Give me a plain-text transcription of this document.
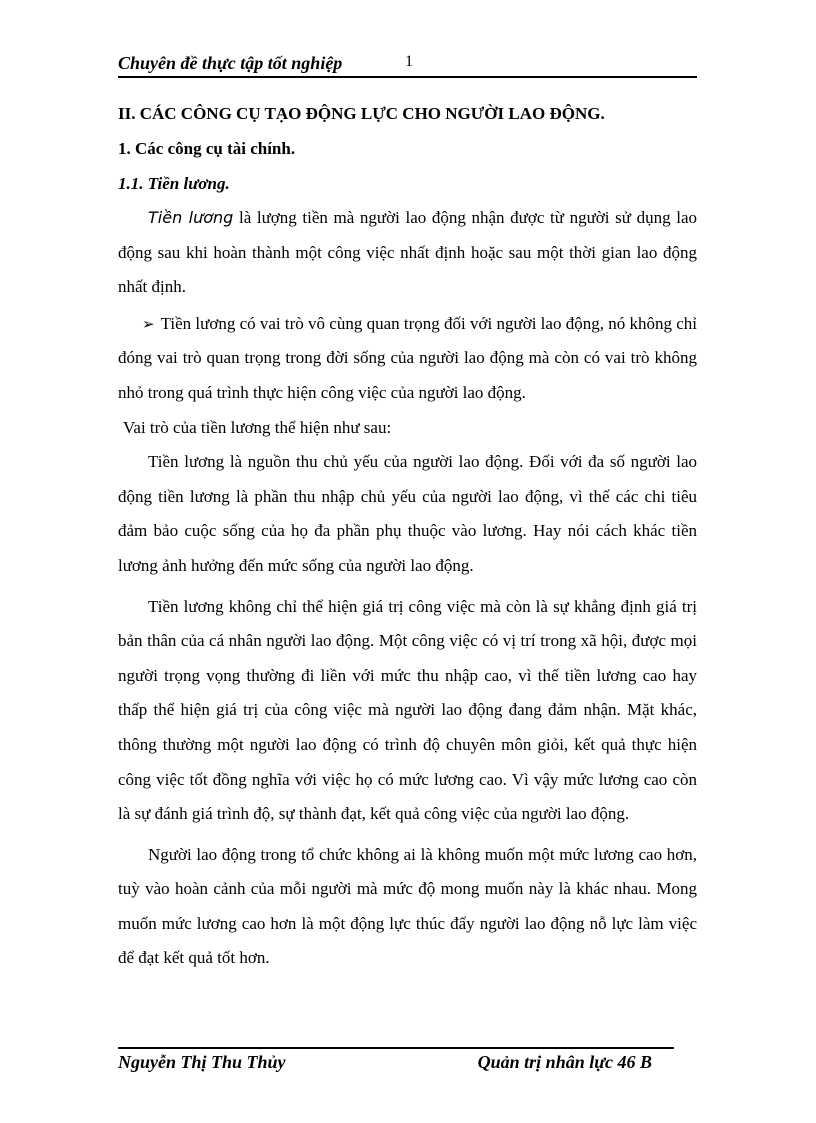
Chuyên đề thực tập tốt nghiệp	1
II. CÁC CÔNG CỤ TẠO ĐỘNG LỰC CHO NGƯỜI LAO ĐỘNG.
1. Các công cụ tài chính.
1.1. Tiền lương.

Tiền lương là lượng tiền mà người lao động nhận được từ người sử dụng lao động sau khi hoàn thành một công việc nhất định hoặc sau một thời gian lao động nhất định.

➢ Tiền lương có vai trò vô cùng quan trọng đối với người lao động, nó không chỉ đóng vai trò quan trọng trong đời sống của người lao động mà còn có vai trò không nhỏ trong quá trình thực hiện công việc của người lao động.

Vai trò của tiền lương thể hiện như sau:

Tiền lương là nguồn thu chủ yếu của người lao động. Đối với đa số người lao động tiền lương là phần thu nhập chủ yếu của người lao động, vì thế các chi tiêu đảm bảo cuộc sống của họ đa phần phụ thuộc vào lương. Hay nói cách khác tiền lương ảnh hưởng đến mức sống của người lao động.

Tiền lương không chỉ thể hiện giá trị công việc mà còn là sự khẳng định giá trị bản thân của cá nhân người lao động. Một công việc có vị trí trong xã hội, được mọi người trọng vọng thường đi liền với mức thu nhập cao, vì thế tiền lương cao hay thấp thể hiện giá trị của công việc mà người lao động đang đảm nhận. Mặt khác, thông thường một người lao động có trình độ chuyên môn giỏi, kết quả thực hiện công việc tốt đồng nghĩa với việc họ có mức lương cao. Vì vậy mức lương cao còn là sự đánh giá trình độ, sự thành đạt, kết quả công việc của người lao động.

Người lao động trong tổ chức không ai là không muốn một mức lương cao hơn, tuỳ vào hoàn cảnh của mỗi người mà mức độ mong muốn này là khác nhau. Mong muốn mức lương cao hơn là một động lực thúc đẩy người lao động nỗ lực làm việc để đạt kết quả tốt hơn.

Nguyễn Thị Thu Thủy	Quản trị nhân lực 46 B
